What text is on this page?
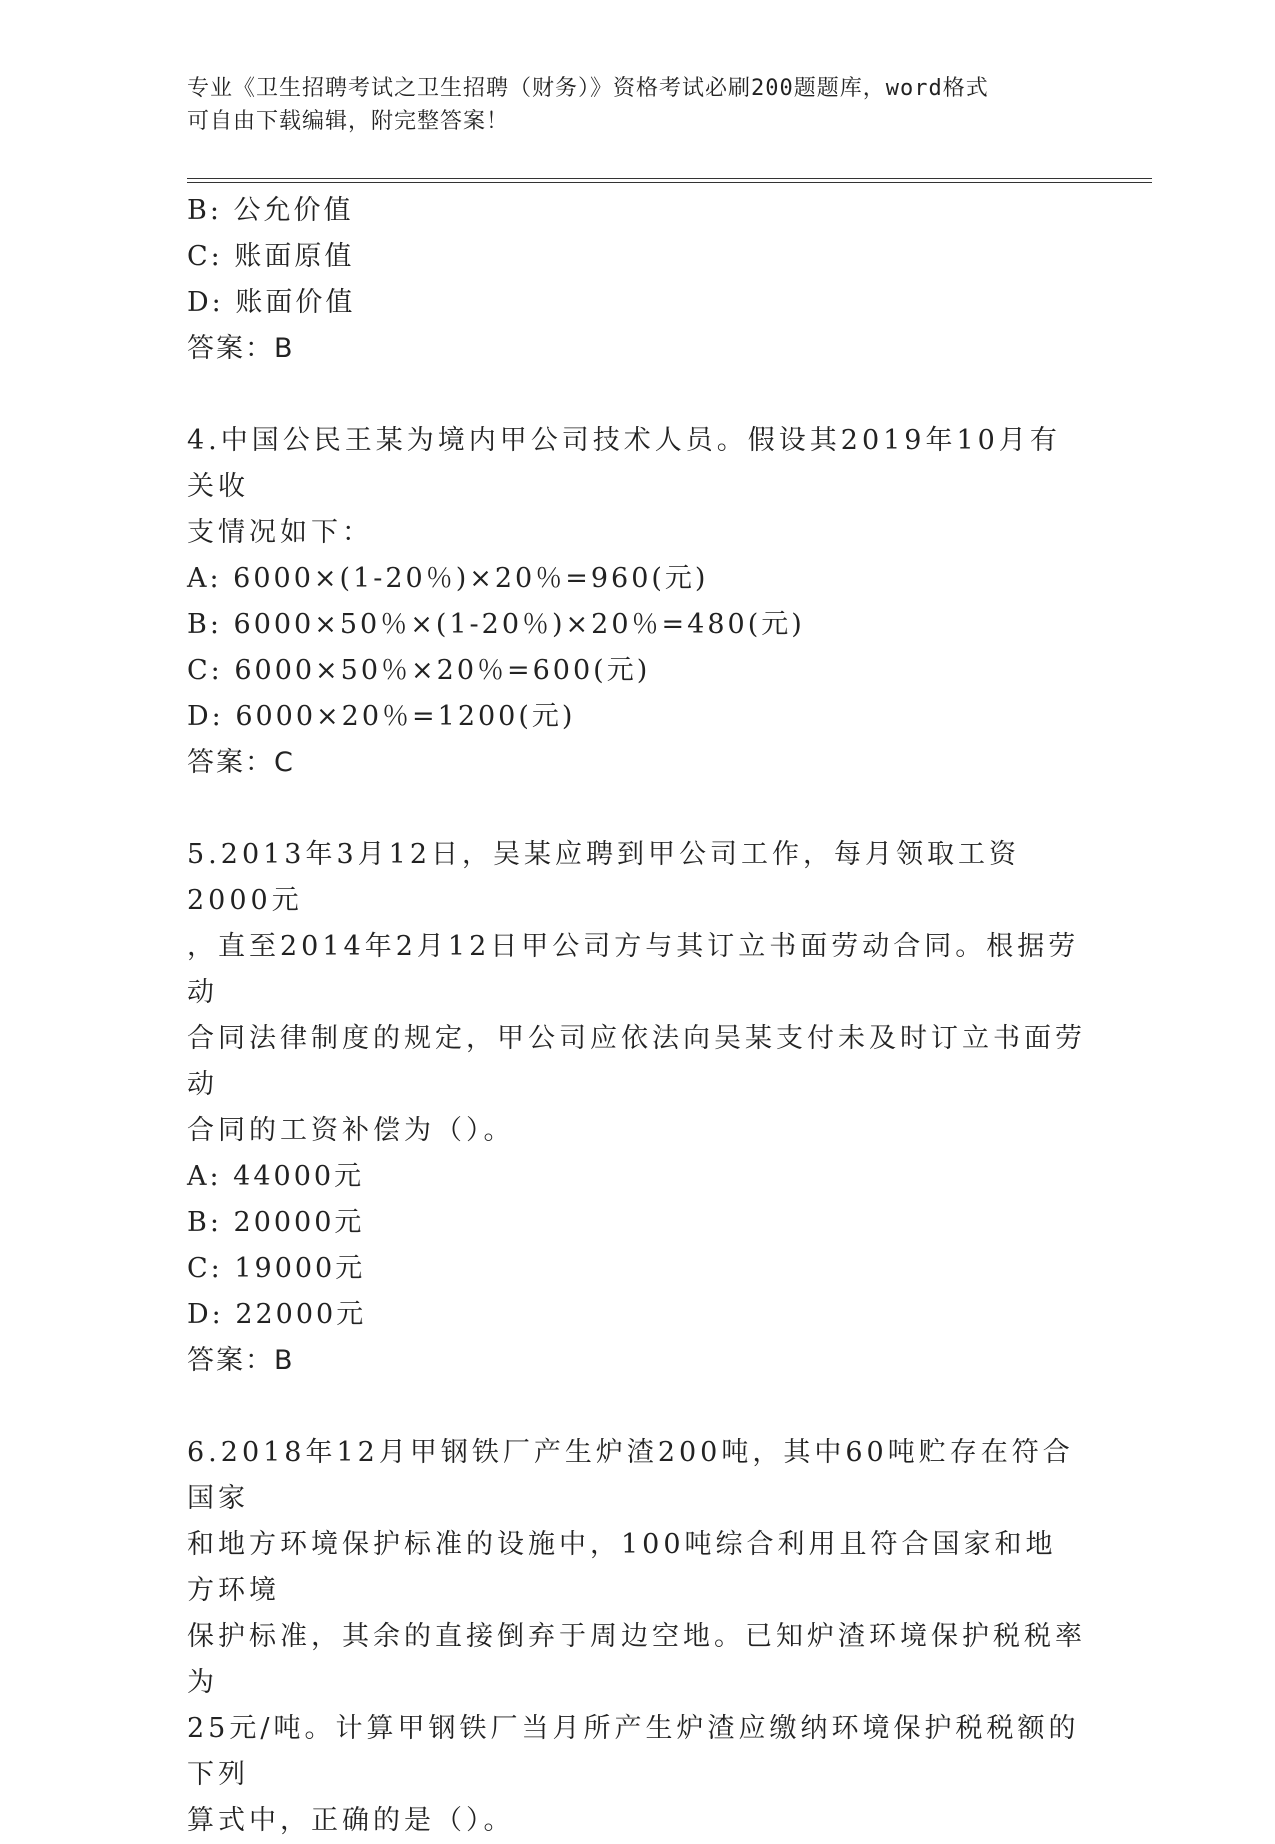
专业《卫生招聘考试之卫生招聘（财务）》资格考试必刷200题题库，word格式
可自由下载编辑，附完整答案！
B: 公允价值
C: 账面原值
D: 账面价值
答案：B
4.中国公民王某为境内甲公司技术人员。假设其2019年10月有关收
支情况如下：
A: 6000×(1-20％)×20％=960(元)
B: 6000×50％×(1-20％)×20％=480(元)
C: 6000×50％×20％=600(元)
D: 6000×20％=1200(元)
答案：C
5.2013年3月12日，吴某应聘到甲公司工作，每月领取工资2000元
，直至2014年2月12日甲公司方与其订立书面劳动合同。根据劳动
合同法律制度的规定，甲公司应依法向吴某支付未及时订立书面劳动
合同的工资补偿为（）。
A: 44000元
B: 20000元
C: 19000元
D: 22000元
答案：B
6.2018年12月甲钢铁厂产生炉渣200吨，其中60吨贮存在符合国家
和地方环境保护标准的设施中，100吨综合利用且符合国家和地方环境
保护标准，其余的直接倒弃于周边空地。已知炉渣环境保护税税率为
25元/吨。计算甲钢铁厂当月所产生炉渣应缴纳环境保护税税额的下列
算式中，正确的是（）。
